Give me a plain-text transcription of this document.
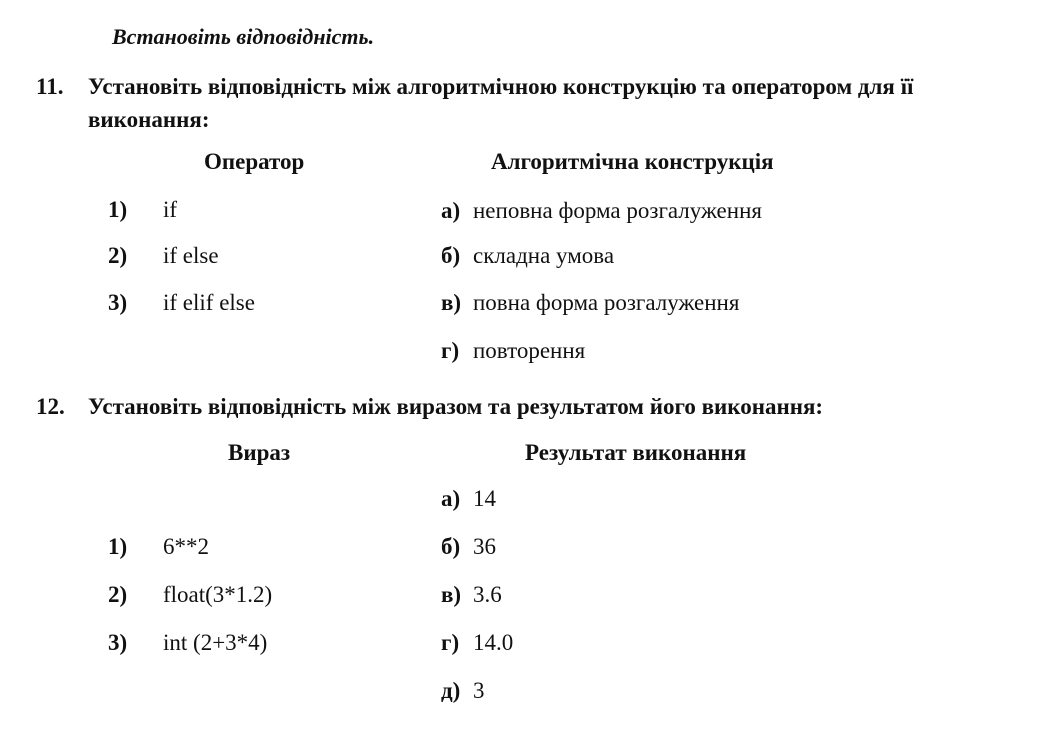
Встановіть відповідність.
11. Установіть відповідність між алгоритмічною конструкцію та оператором для її виконання:
Оператор	Алгоритмічна конструкція
1) if
2) if else
3) if elif else
а) неповна форма розгалуження
б) складна умова
в) повна форма розгалуження
г) повторення
12. Установіть відповідність між виразом та результатом його виконання:
Вираз	Результат виконання
1) 6**2
2) float(3*1.2)
3) int (2+3*4)
а) 14
б) 36
в) 3.6
г) 14.0
д) 3
